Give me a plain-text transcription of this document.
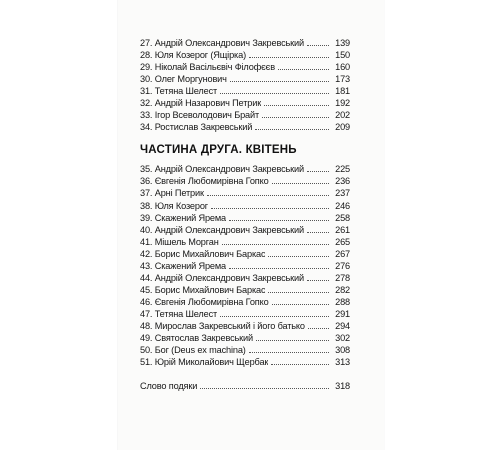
27. Андрій Олександрович Закревський	139
28. Юля Козерог (Ящірка)	150
29. Ніколай Васільєвіч Філофєєв	160
30. Олег Моргунович	173
31. Тетяна Шелест	181
32. Андрій Назарович Петрик	192
33. Ігор Всеволодович Брайт	202
34. Ростислав Закревський	209
ЧАСТИНА ДРУГА. КВІТЕНЬ
35. Андрій Олександрович Закревський	225
36. Євгенія Любомирівна Гопко	236
37. Арні Петрик	237
38. Юля Козерог	246
39. Скажений Ярема	258
40. Андрій Олександрович Закревський	261
41. Мішель Морган	265
42. Борис Михайлович Баркас	267
43. Скажений Ярема	276
44. Андрій Олександрович Закревський	278
45. Борис Михайлович Баркас	282
46. Євгенія Любомирівна Гопко	288
47. Тетяна Шелест	291
48. Мирослав Закревський і його батько	294
49. Святослав Закревський	302
50. Бог (Deus ex machina)	308
51. Юрій Миколайович Щербак	313
Слово подяки	318
